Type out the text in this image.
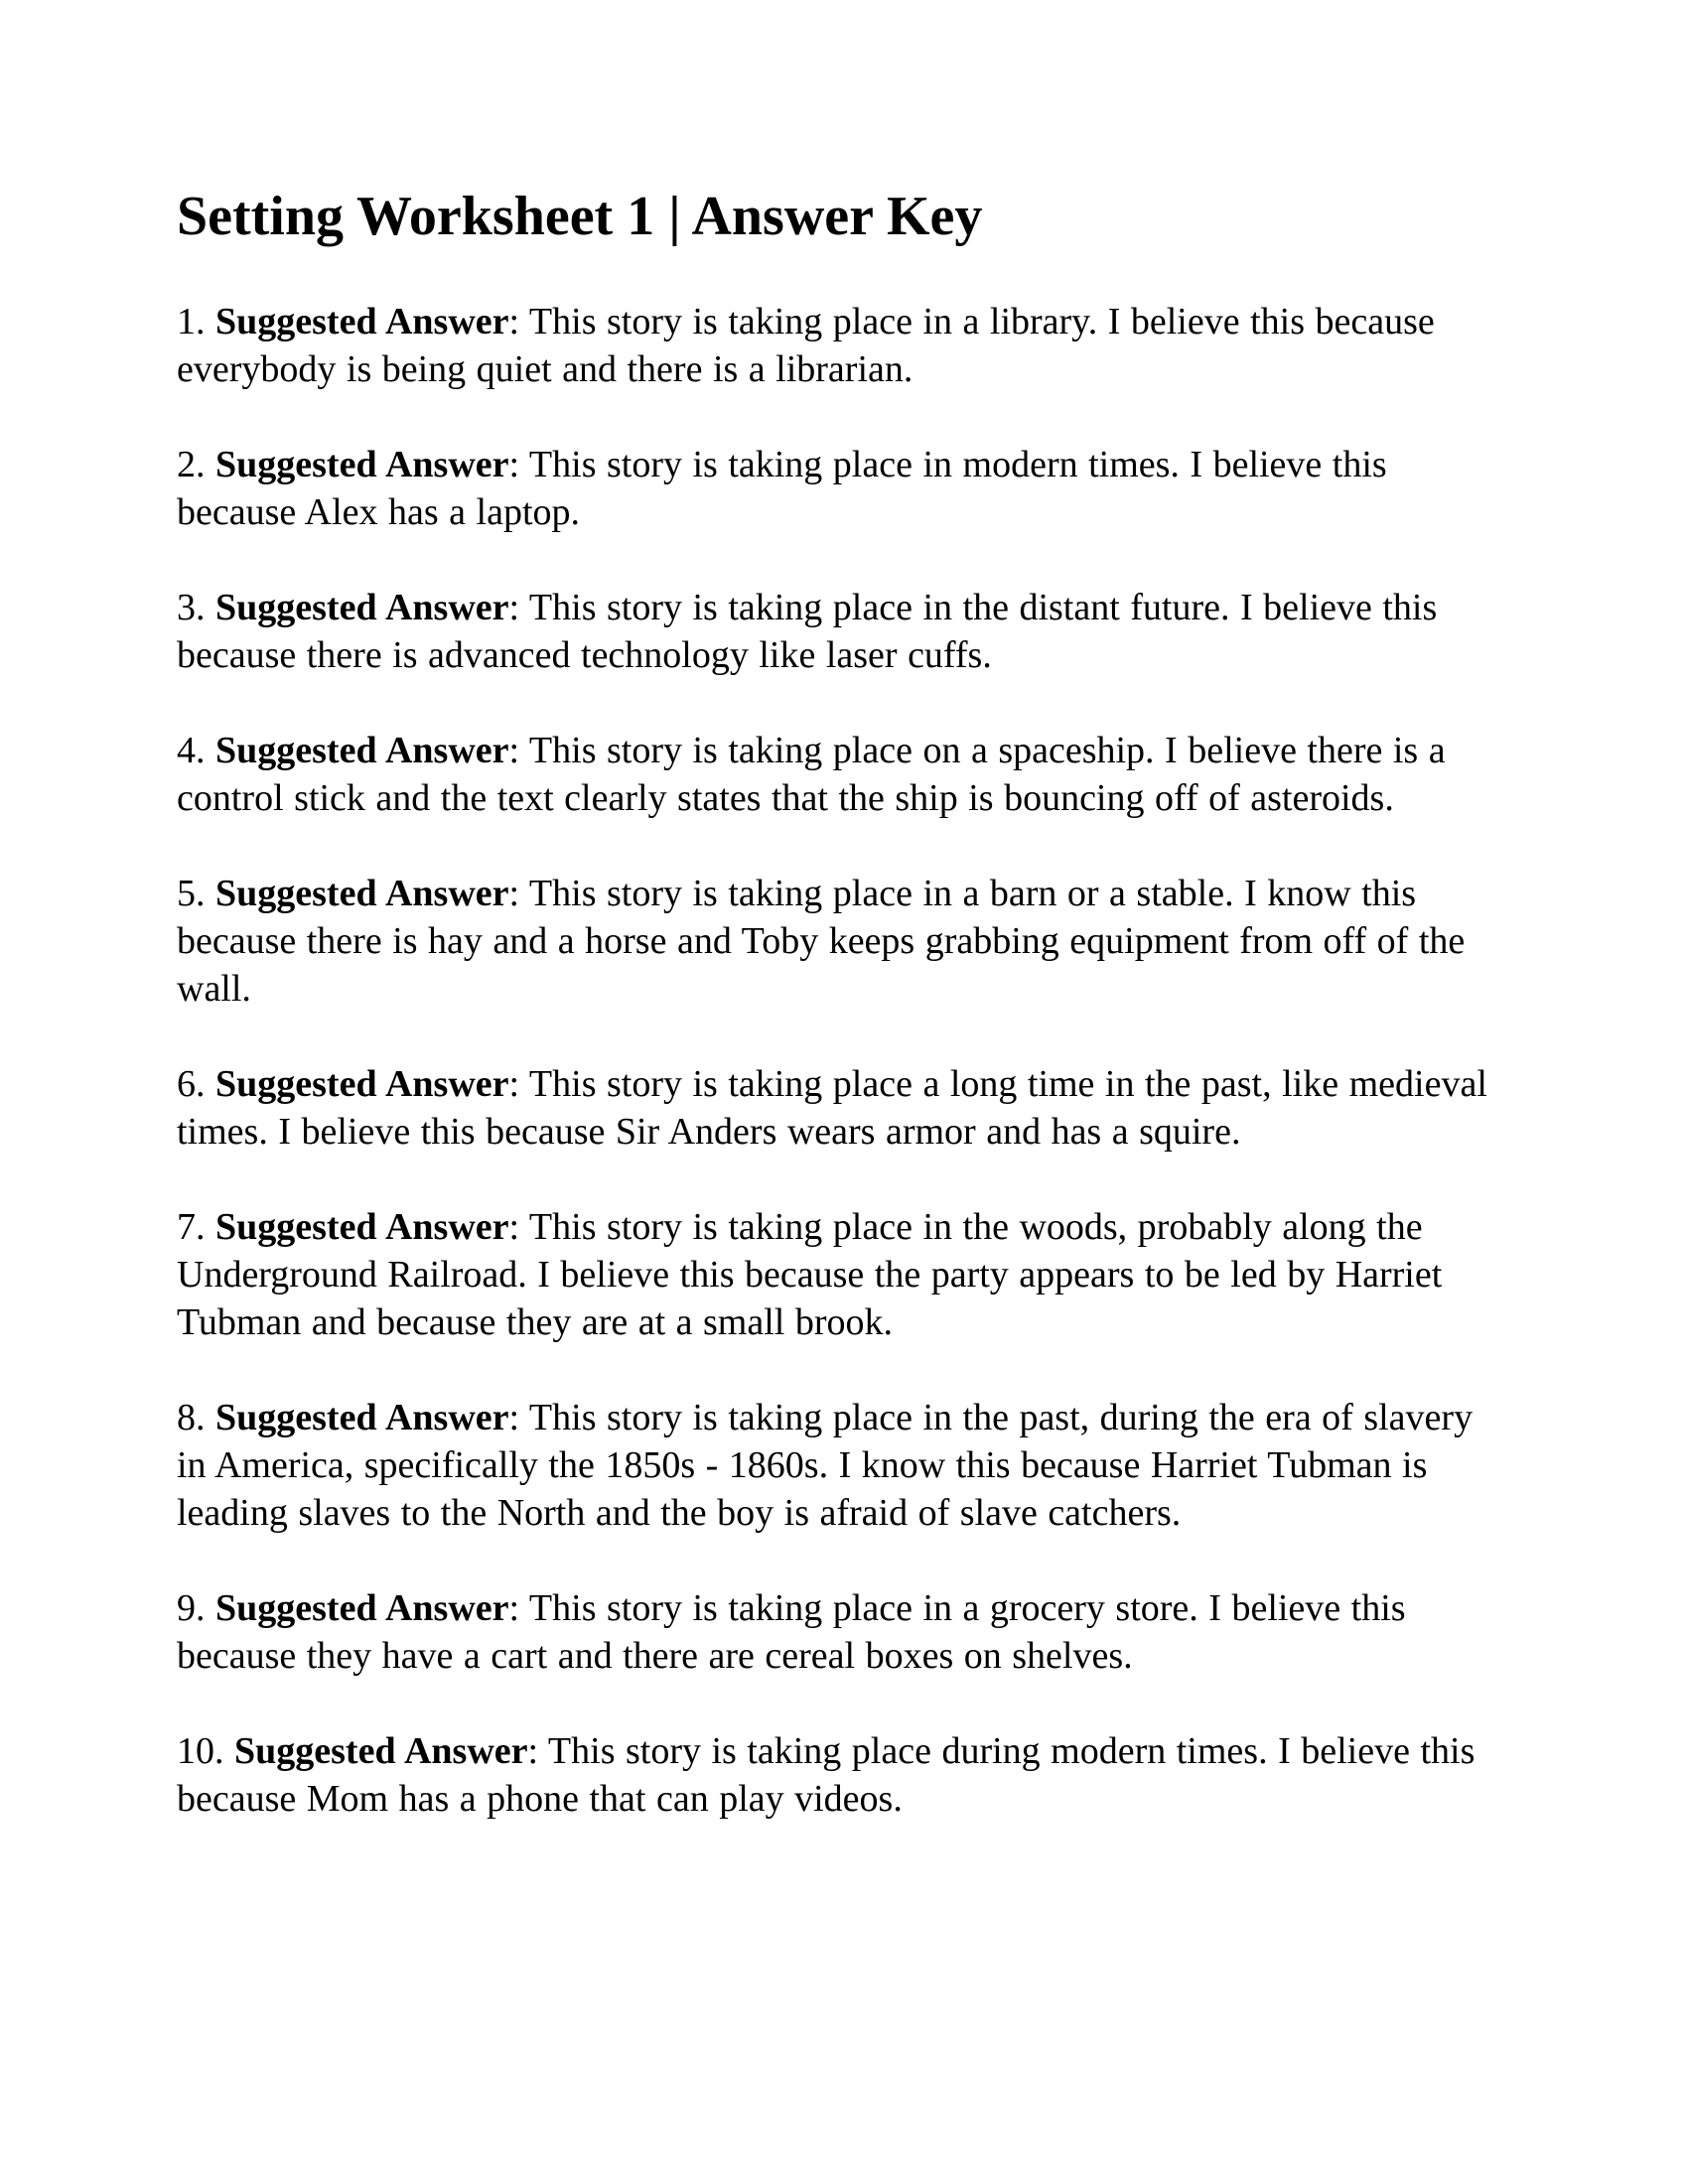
Setting Worksheet 1 | Answer Key

1. Suggested Answer: This story is taking place in a library. I believe this because everybody is being quiet and there is a librarian.

2. Suggested Answer: This story is taking place in modern times. I believe this because Alex has a laptop.

3. Suggested Answer: This story is taking place in the distant future. I believe this because there is advanced technology like laser cuffs.

4. Suggested Answer: This story is taking place on a spaceship. I believe there is a control stick and the text clearly states that the ship is bouncing off of asteroids.

5. Suggested Answer: This story is taking place in a barn or a stable. I know this because there is hay and a horse and Toby keeps grabbing equipment from off of the wall.

6. Suggested Answer: This story is taking place a long time in the past, like medieval times. I believe this because Sir Anders wears armor and has a squire.

7. Suggested Answer: This story is taking place in the woods, probably along the Underground Railroad. I believe this because the party appears to be led by Harriet Tubman and because they are at a small brook.

8. Suggested Answer: This story is taking place in the past, during the era of slavery in America, specifically the 1850s - 1860s. I know this because Harriet Tubman is leading slaves to the North and the boy is afraid of slave catchers.

9. Suggested Answer: This story is taking place in a grocery store. I believe this because they have a cart and there are cereal boxes on shelves.

10. Suggested Answer: This story is taking place during modern times. I believe this because Mom has a phone that can play videos.
